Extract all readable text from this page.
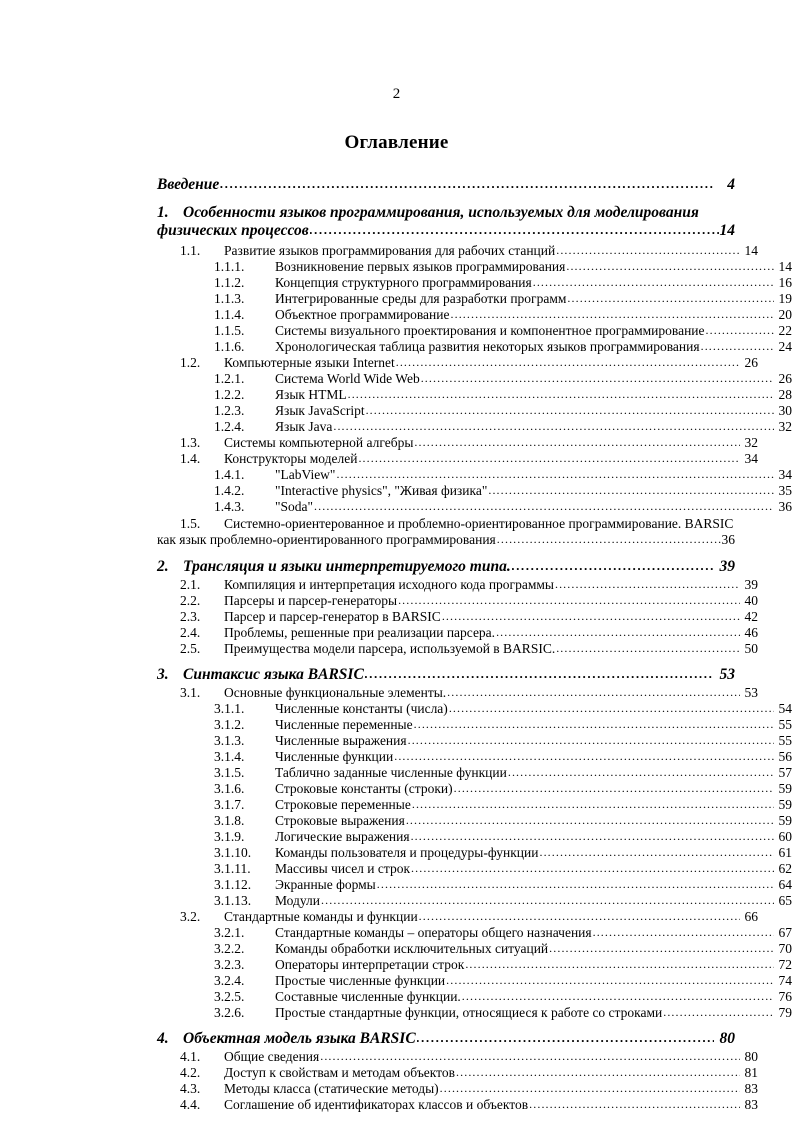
2
Оглавление
Введение .....	4
1. Особенности языков программирования, используемых для моделирования
физических процессов .....	14
1.1.	Развитие языков программирования для рабочих станций .....	14
1.1.1.	Возникновение первых языков программирования .....	14
1.1.2.	Концепция структурного программирования .....	16
1.1.3.	Интегрированные среды для разработки программ .....	19
1.1.4.	Объектное программирование .....	20
1.1.5.	Системы визуального проектирования и компонентное программирование .....	22
1.1.6.	Хронологическая таблица развития некоторых языков программирования .....	24
1.2.	Компьютерные языки Internet .....	26
1.2.1.	Система World Wide Web .....	26
1.2.2.	Язык HTML .....	28
1.2.3.	Язык JavaScript .....	30
1.2.4.	Язык Java .....	32
1.3.	Системы компьютерной алгебры .....	32
1.4.	Конструкторы моделей .....	34
1.4.1.	"LabView" .....	34
1.4.2.	"Interactive physics", "Живая физика" .....	35
1.4.3.	"Soda" .....	36
1.5.	Системно-ориентерованное и проблемно-ориентированное программирование. BARSIC
как язык проблемно-ориентированного программирования .....	36
2. Трансляция и языки интерпретируемого типа. .....	39
2.1.	Компиляция и интерпретация исходного кода программы .....	39
2.2.	Парсеры и парсер-генераторы .....	40
2.3.	Парсер и парсер-генератор в BARSIC .....	42
2.4.	Проблемы, решенные при реализации парсера. .....	46
2.5.	Преимущества модели парсера, используемой в BARSIC. .....	50
3. Синтаксис языка BARSIC .....	53
3.1.	Основные функциональные элементы. .....	53
3.1.1.	Численные константы (числа) .....	54
3.1.2.	Численные переменные .....	55
3.1.3.	Численные выражения .....	55
3.1.4.	Численные функции .....	56
3.1.5.	Таблично заданные численные функции .....	57
3.1.6.	Строковые константы (строки) .....	59
3.1.7.	Строковые переменные .....	59
3.1.8.	Строковые выражения .....	59
3.1.9.	Логические выражения .....	60
3.1.10.	Команды пользователя и процедуры-функции .....	61
3.1.11.	Массивы чисел и строк .....	62
3.1.12.	Экранные формы .....	64
3.1.13.	Модули .....	65
3.2.	Стандартные команды и функции .....	66
3.2.1.	Стандартные команды – операторы общего назначения .....	67
3.2.2.	Команды обработки исключительных ситуаций .....	70
3.2.3.	Операторы интерпретации строк .....	72
3.2.4.	Простые численные функции .....	74
3.2.5.	Составные численные функции. .....	76
3.2.6.	Простые стандартные функции, относящиеся к работе со строками .....	79
4. Объектная модель языка BARSIC .....	80
4.1.	Общие сведения .....	80
4.2.	Доступ к свойствам и методам объектов .....	81
4.3.	Методы класса (статические методы) .....	83
4.4.	Соглашение об идентификаторах классов и объектов .....	83
